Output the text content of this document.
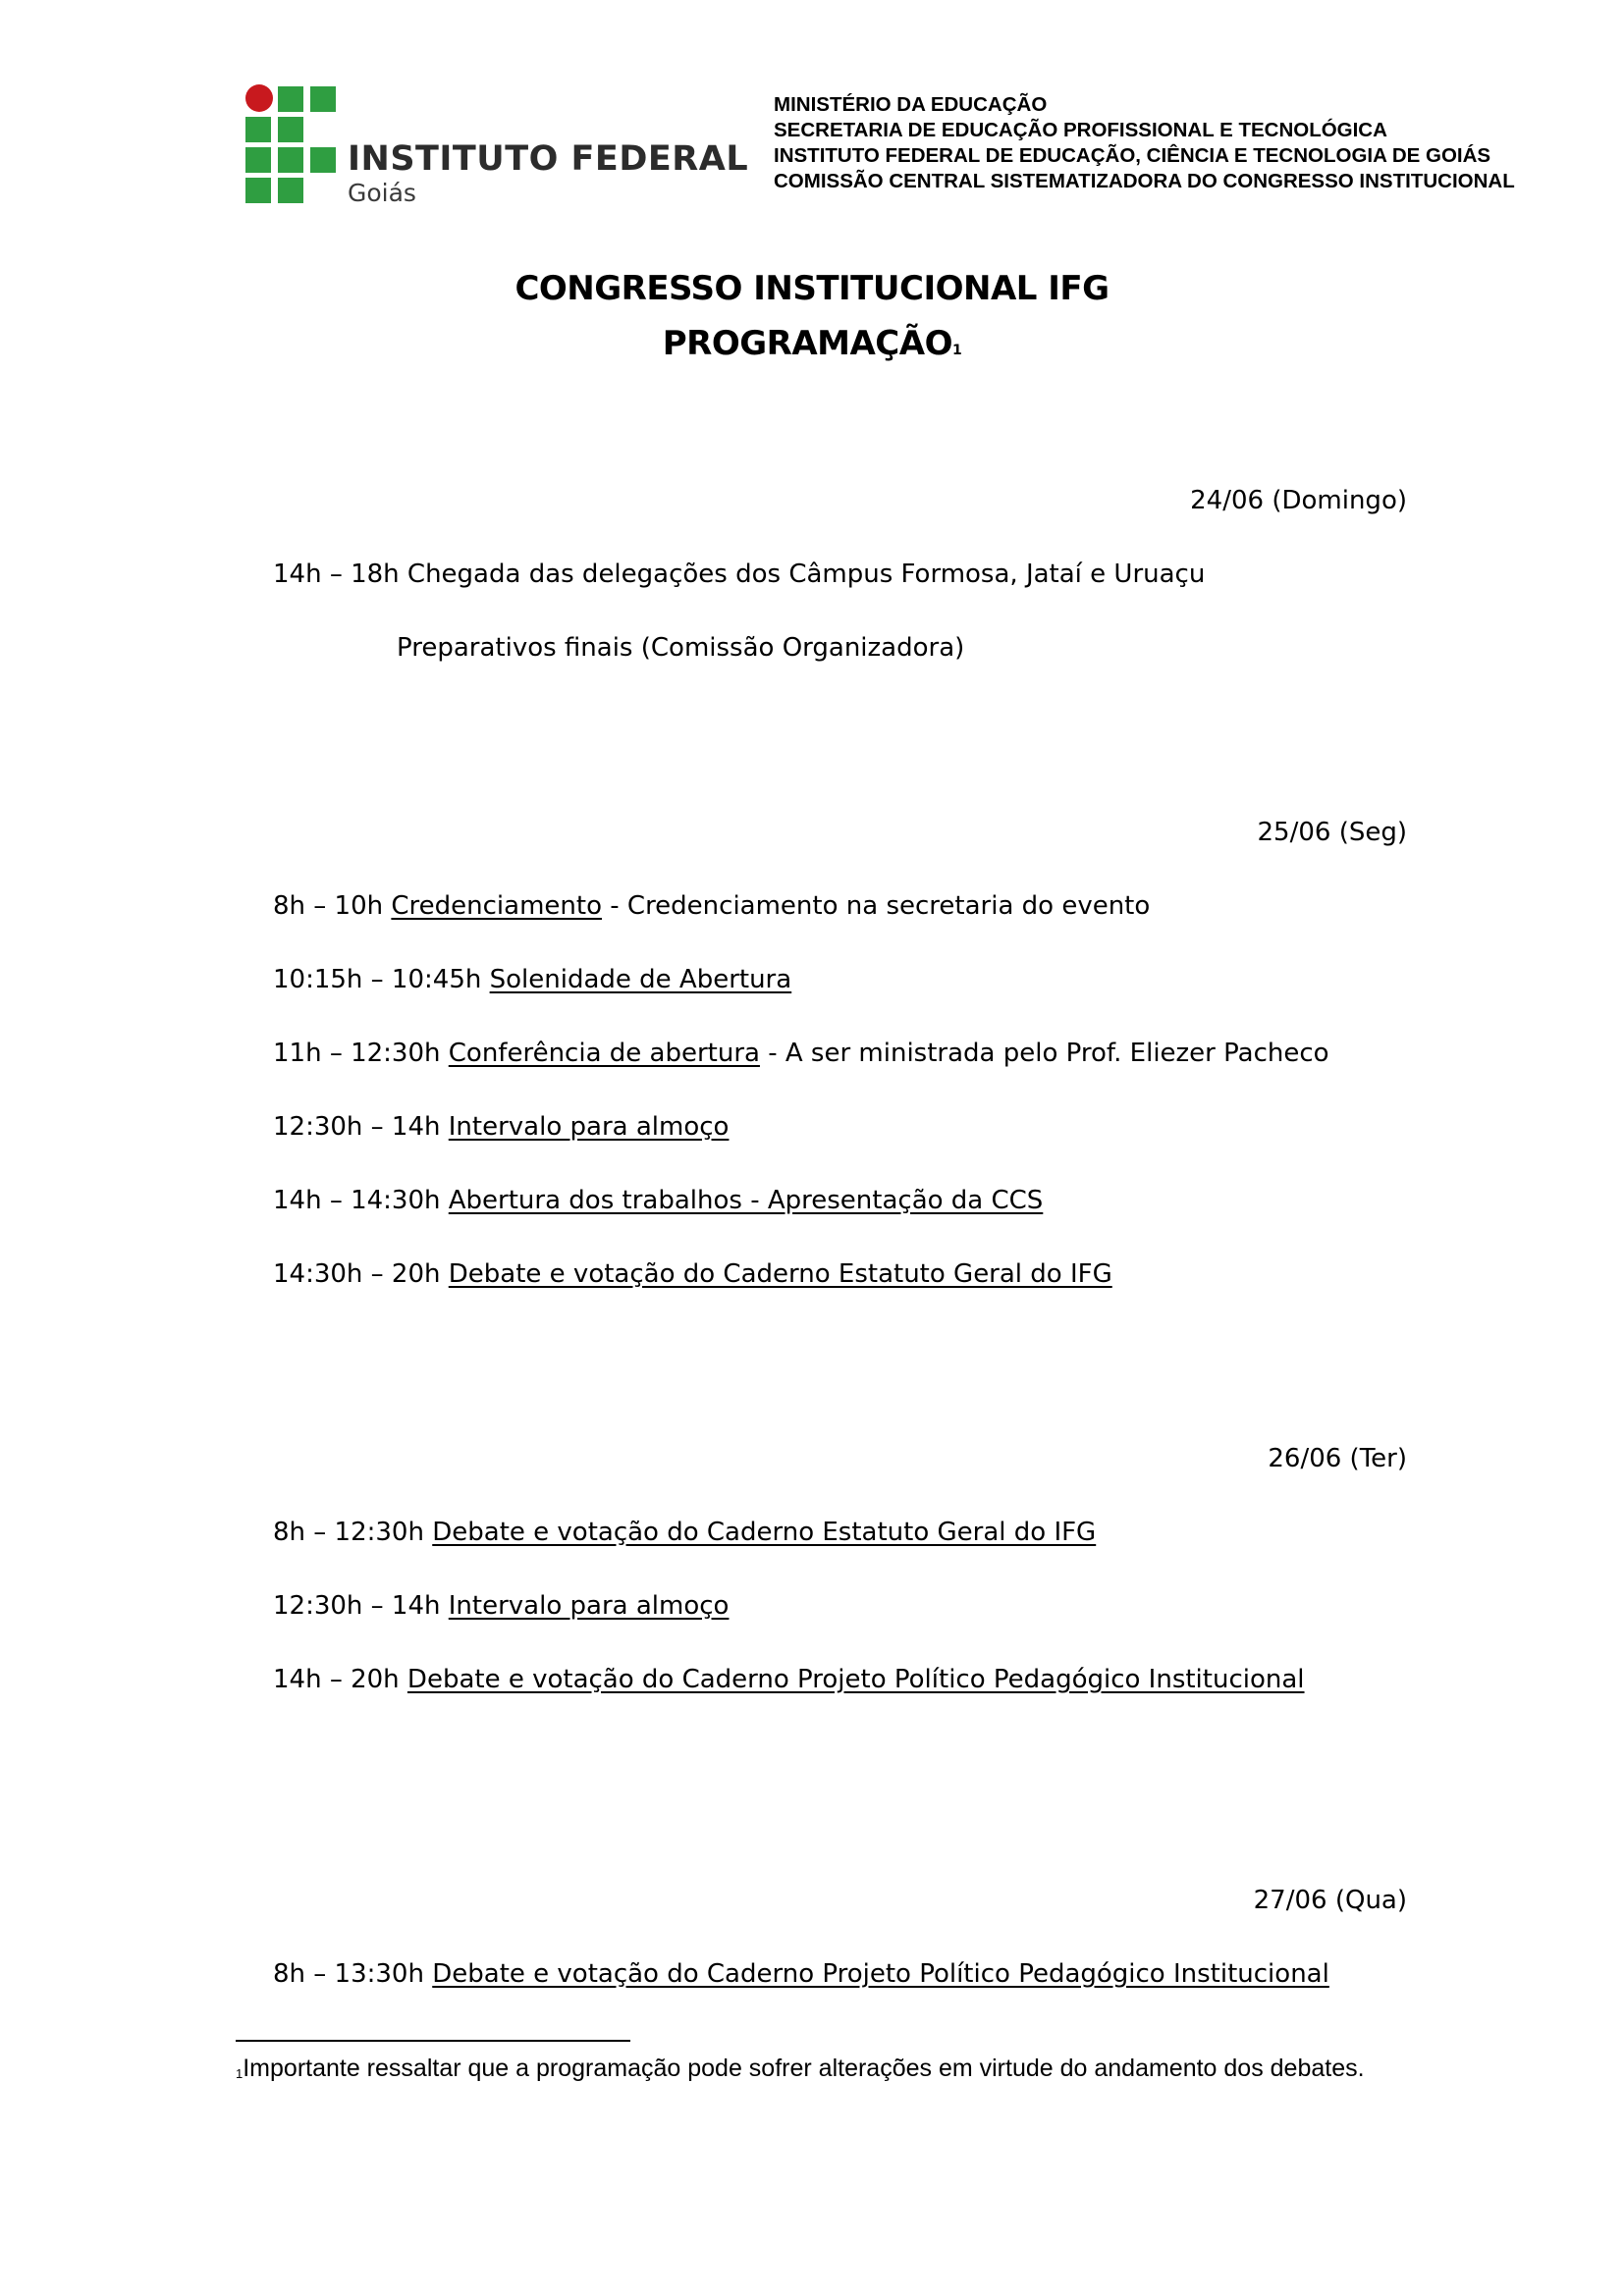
INSTITUTO FEDERAL
Goiás
MINISTÉRIO DA EDUCAÇÃO
SECRETARIA DE EDUCAÇÃO PROFISSIONAL E TECNOLÓGICA
INSTITUTO FEDERAL DE EDUCAÇÃO, CIÊNCIA E TECNOLOGIA DE GOIÁS
COMISSÃO CENTRAL SISTEMATIZADORA DO CONGRESSO INSTITUCIONAL
CONGRESSO INSTITUCIONAL IFG
PROGRAMAÇÃO1
24/06 (Domingo)
14h – 18h Chegada das delegações dos Câmpus Formosa, Jataí e Uruaçu
Preparativos finais (Comissão Organizadora)
25/06 (Seg)
8h – 10h Credenciamento - Credenciamento na secretaria do evento
10:15h – 10:45h Solenidade de Abertura
11h – 12:30h Conferência de abertura - A ser ministrada pelo Prof. Eliezer Pacheco
12:30h – 14h Intervalo para almoço
14h – 14:30h Abertura dos trabalhos - Apresentação da CCS
14:30h – 20h Debate e votação do Caderno Estatuto Geral do IFG
26/06 (Ter)
8h – 12:30h Debate e votação do Caderno Estatuto Geral do IFG
12:30h – 14h Intervalo para almoço
14h – 20h Debate e votação do Caderno Projeto Político Pedagógico Institucional
27/06 (Qua)
8h – 13:30h Debate e votação do Caderno Projeto Político Pedagógico Institucional
$^1$Importante ressaltar que a programação pode sofrer alterações em virtude do andamento dos debates.
